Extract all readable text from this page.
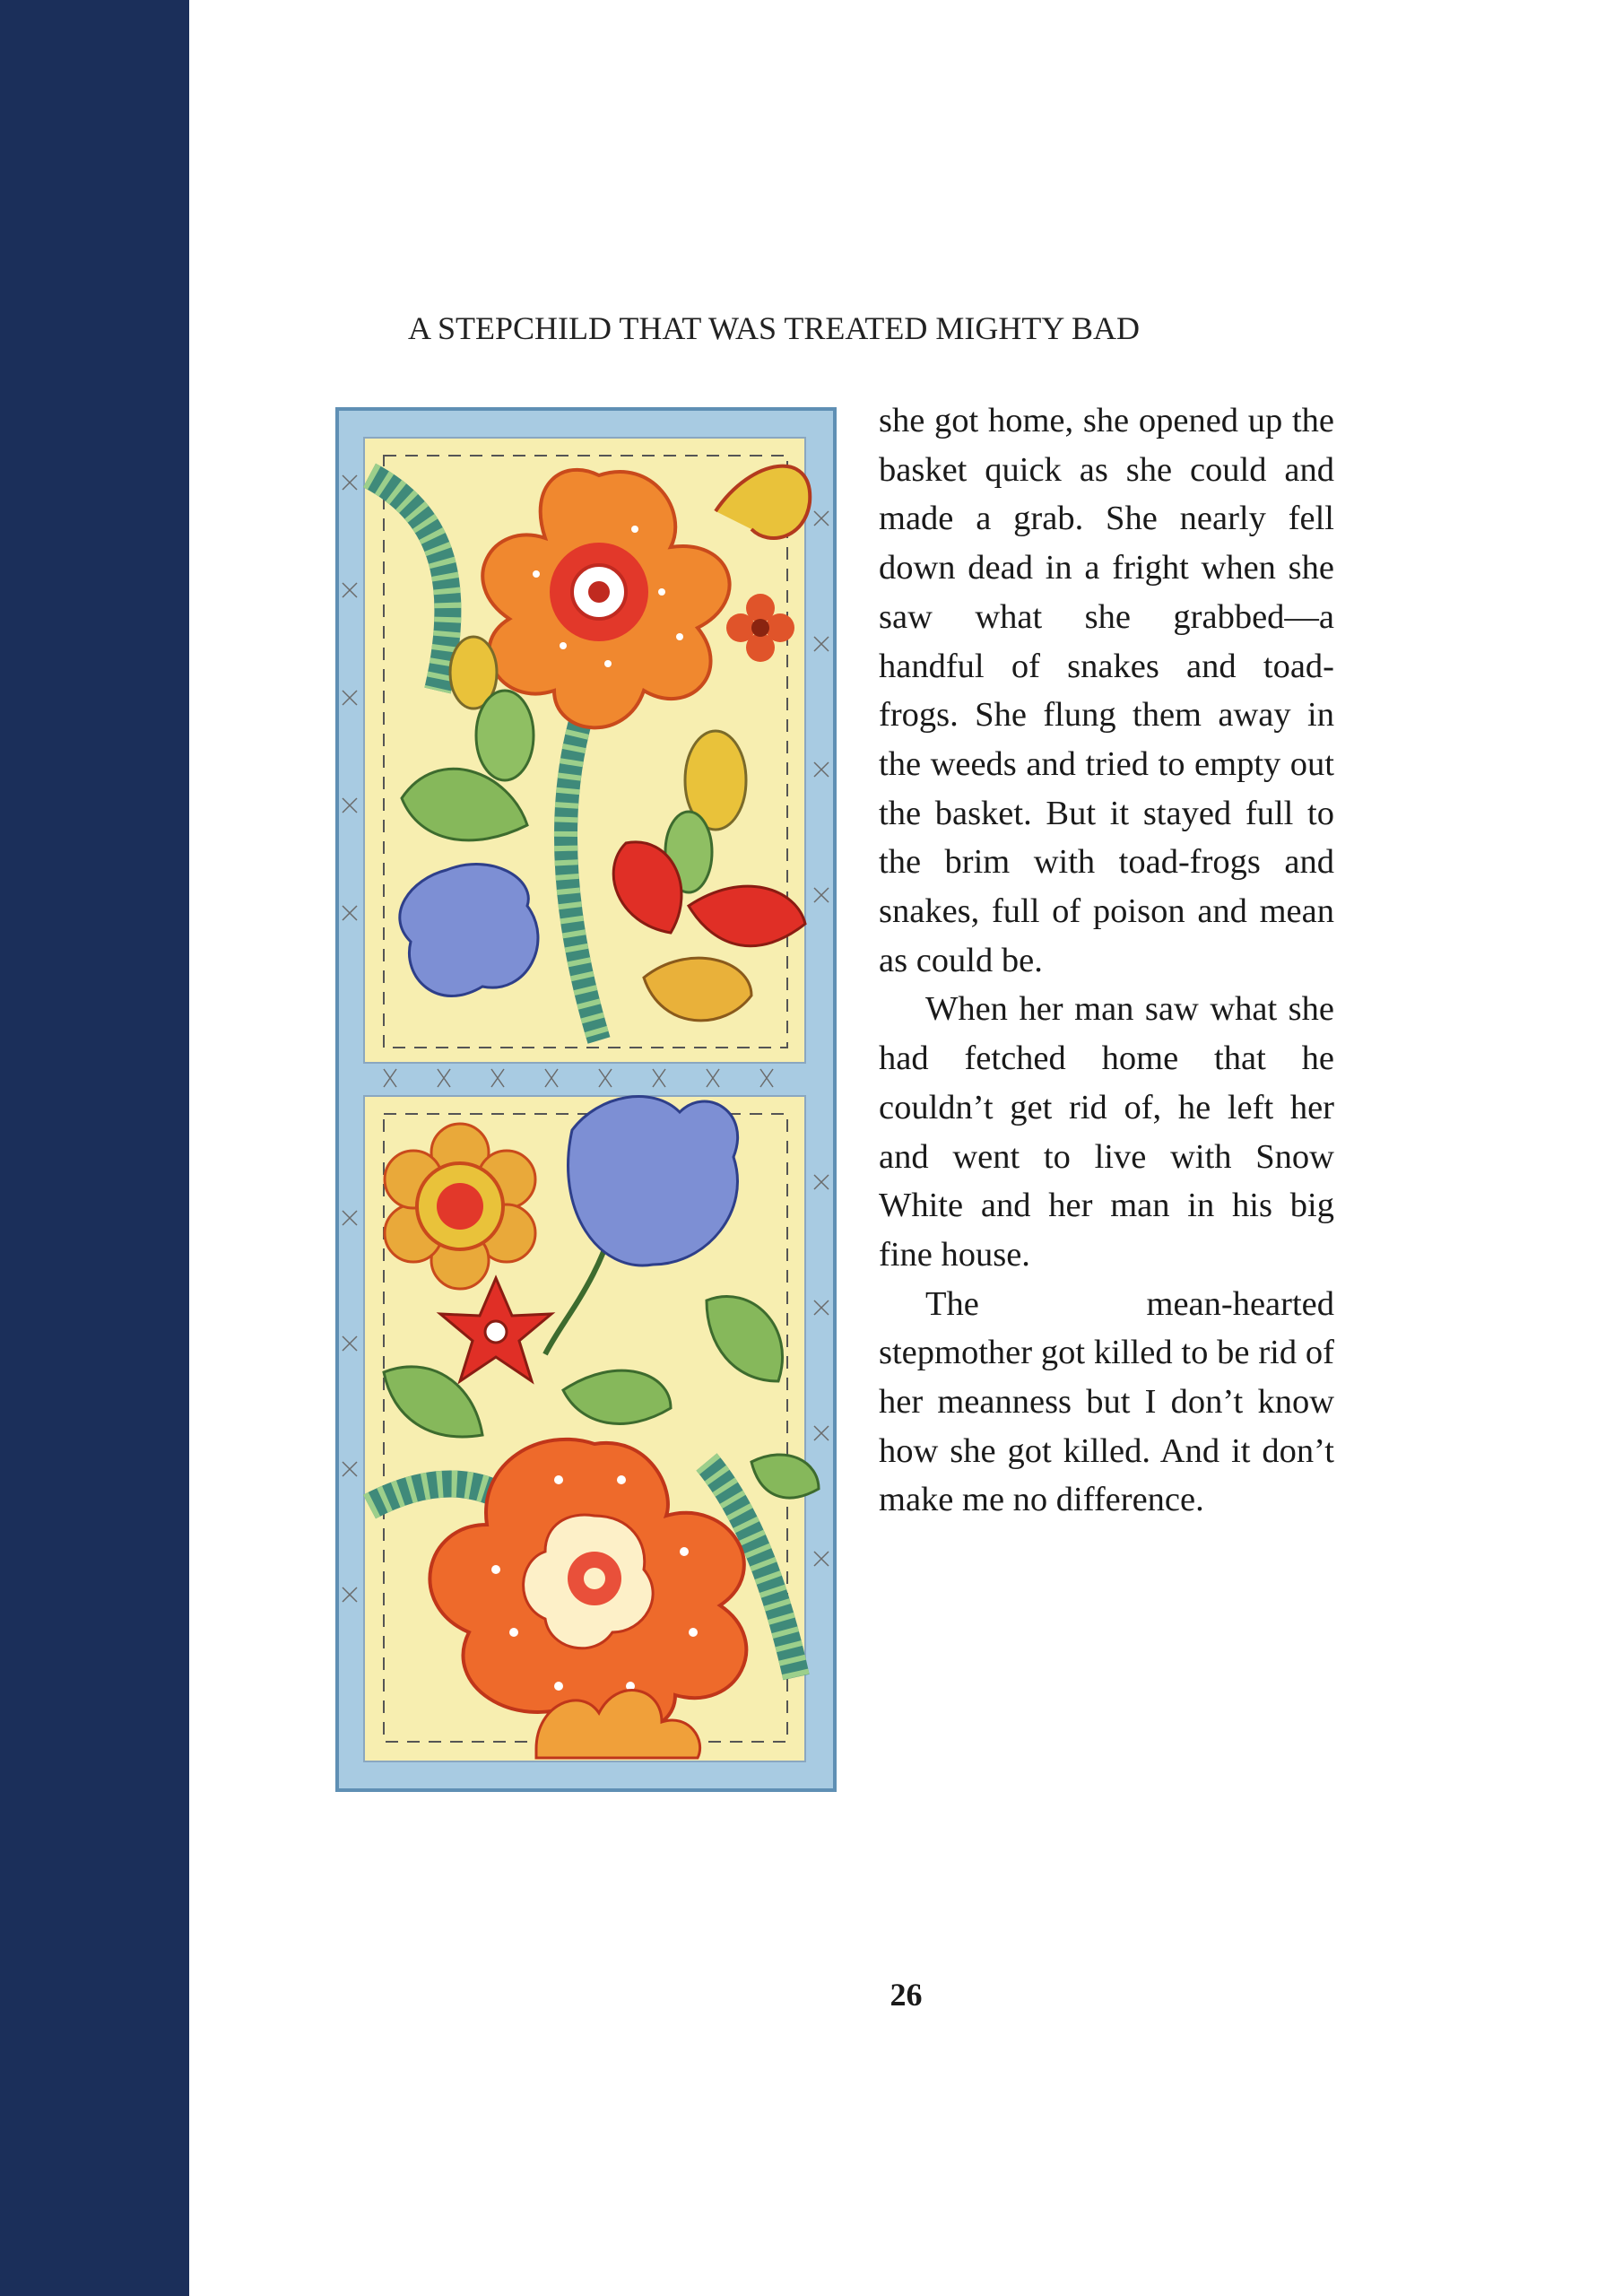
A STEPCHILD THAT WAS TREATED MIGHTY BAD

she got home, she opened up the basket quick as she could and made a grab. She nearly fell down dead in a fright when she saw what she grabbed—a handful of snakes and toad-frogs. She flung them away in the weeds and tried to empty out the basket. But it stayed full to the brim with toad-frogs and snakes, full of poison and mean as could be.

When her man saw what she had fetched home that he couldn’t get rid of, he left her and went to live with Snow White and her man in his big fine house.

The mean-hearted stepmother got killed to be rid of her meanness but I don’t know how she got killed. And it don’t make me no difference.

26
